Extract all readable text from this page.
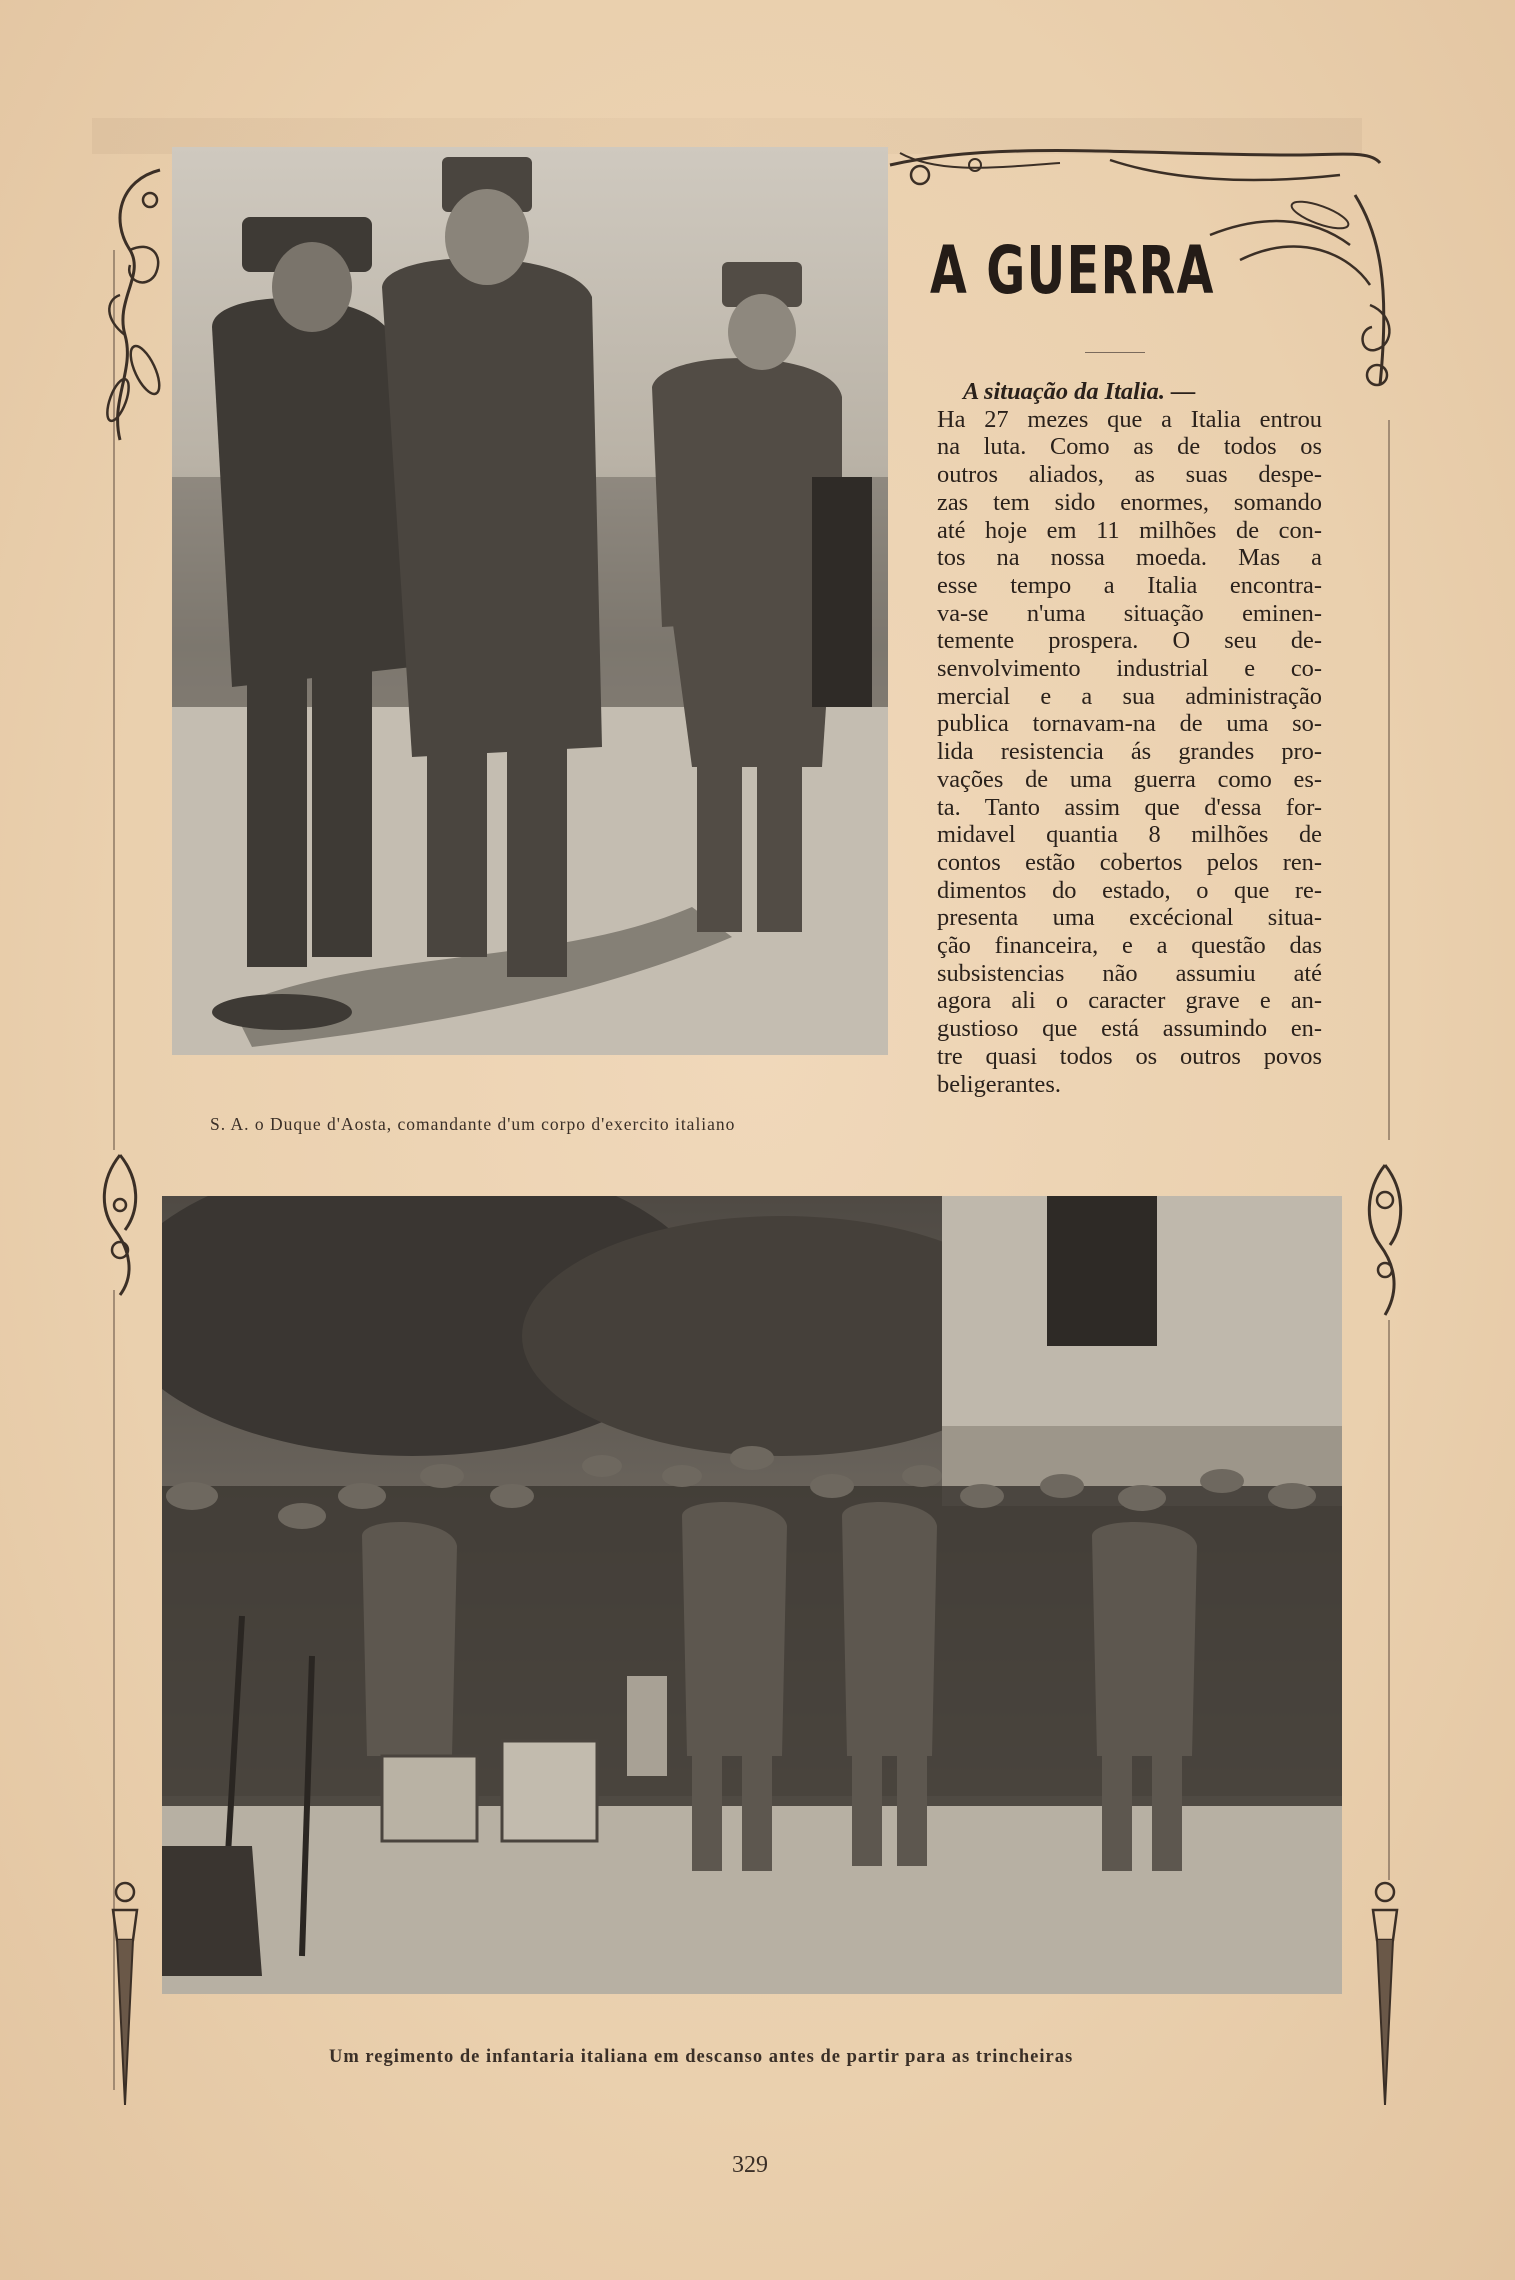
S. A. o Duque d'Aosta, comandante d'um corpo d'exercito italiano
A GUERRA
A situação da Italia. —
Ha 27 mezes que a Italia entrou
na luta. Como as de todos os
outros aliados, as suas despe-
zas tem sido enormes, somando
até hoje em 11 milhões de con-
tos na nossa moeda. Mas a
esse tempo a Italia encontra-
va-se n'uma situação eminen-
temente prospera. O seu de-
senvolvimento industrial e co-
mercial e a sua administração
publica tornavam-na de uma so-
lida resistencia ás grandes pro-
vações de uma guerra como es-
ta. Tanto assim que d'essa for-
midavel quantia 8 milhões de
contos estão cobertos pelos ren-
dimentos do estado, o que re-
presenta uma excécional situa-
ção financeira, e a questão das
subsistencias não assumiu até
agora ali o caracter grave e an-
gustioso que está assumindo en-
tre quasi todos os outros povos
beligerantes.
Um regimento de infantaria italiana em descanso antes de partir para as trincheiras
329
